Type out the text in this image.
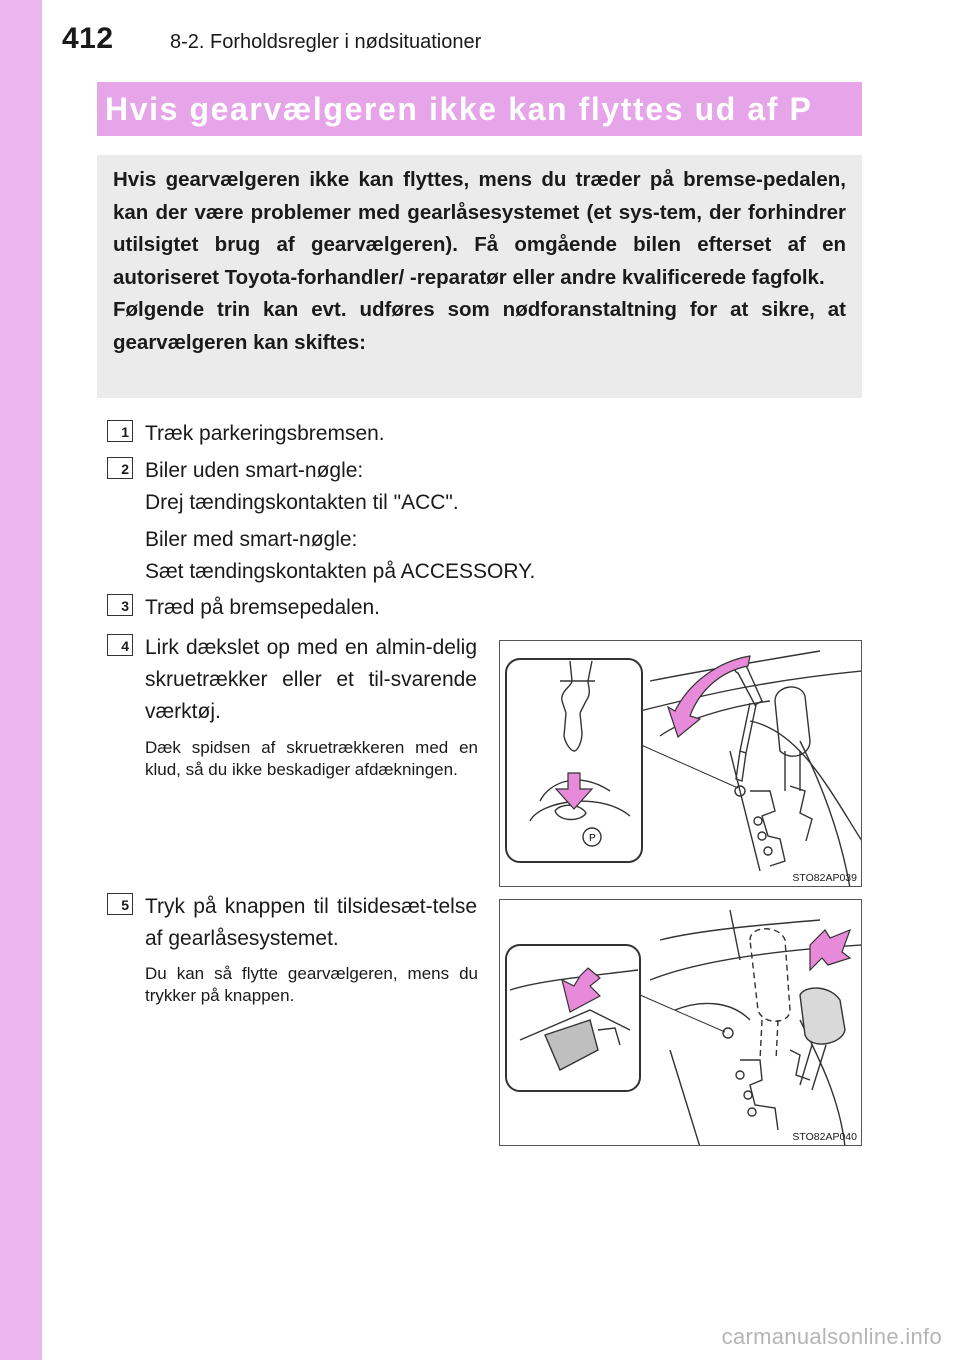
412	8-2. Forholdsregler i nødsituationer
Hvis gearvælgeren ikke kan flyttes ud af P

Hvis gearvælgeren ikke kan flyttes, mens du træder på bremse-pedalen, kan der være problemer med gearlåsesystemet (et sys-tem, der forhindrer utilsigtet brug af gearvælgeren). Få omgående bilen efterset af en autoriseret Toyota-forhandler/ -reparatør eller andre kvalificerede fagfolk.

Følgende trin kan evt. udføres som nødforanstaltning for at sikre, at gearvælgeren kan skiftes:

1 Træk parkeringsbremsen.
2 Biler uden smart-nøgle:
Drej tændingskontakten til "ACC".
Biler med smart-nøgle:
Sæt tændingskontakten på ACCESSORY.
3 Træd på bremsepedalen.
4 Lirk dækslet op med en almin-delig skruetrækker eller et til-svarende værktøj.
Dæk spidsen af skruetrækkeren med en klud, så du ikke beskadiger afdækningen.
P
STO82AP039
5 Tryk på knappen til tilsidesæt-telse af gearlåsesystemet.
Du kan så flytte gearvælgeren, mens du trykker på knappen.
STO82AP040
carmanualsonline.info
